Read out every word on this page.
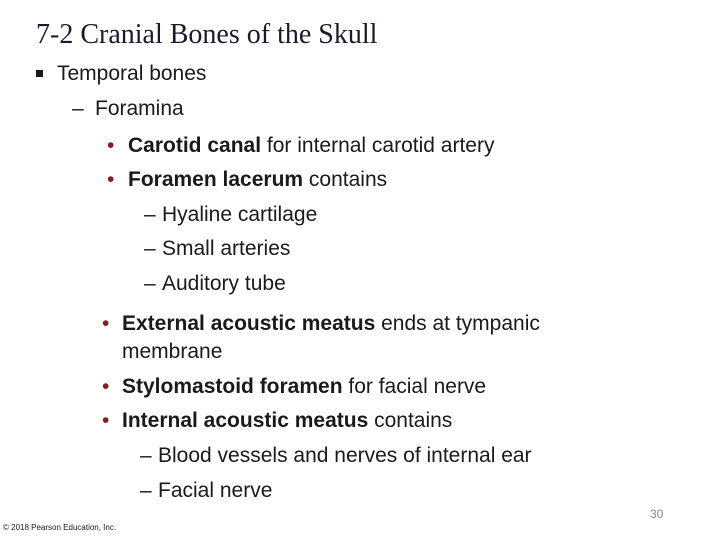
7-2 Cranial Bones of the Skull
Temporal bones
– Foramina
• Carotid canal for internal carotid artery
• Foramen lacerum contains
– Hyaline cartilage
– Small arteries
– Auditory tube
• External acoustic meatus ends at tympanic
membrane
• Stylomastoid foramen for facial nerve
• Internal acoustic meatus contains
– Blood vessels and nerves of internal ear
– Facial nerve
30
© 2018 Pearson Education, Inc.
